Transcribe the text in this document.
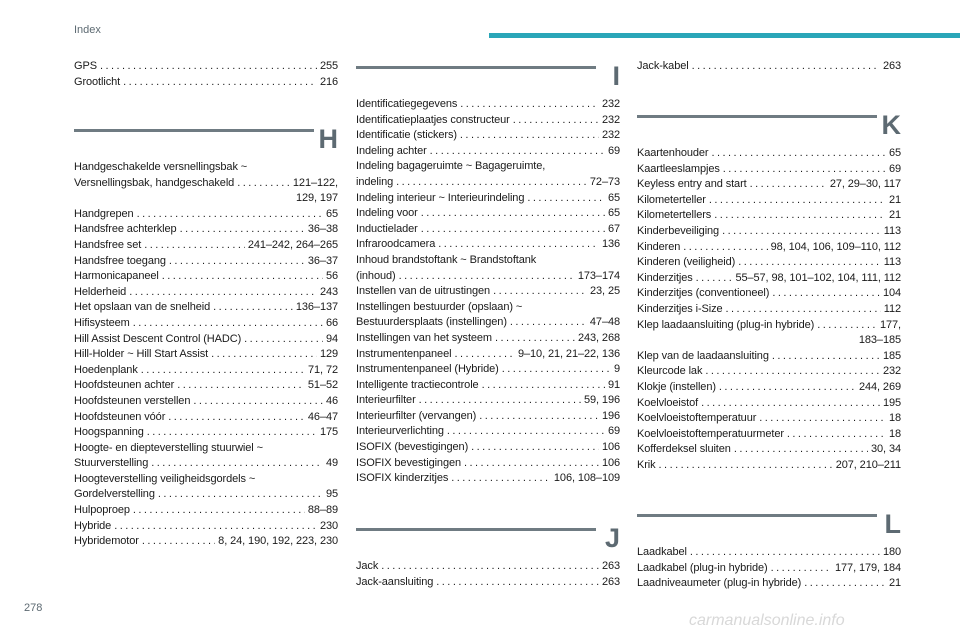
Index
GPS . . .	255
Grootlicht . . .	216
H
Handgeschakelde versnellingsbak ~
Versnellingsbak, handgeschakeld . . .	121–122,
129, 197
Handgrepen . . .	65
Handsfree achterklep . . .	36–38
Handsfree set . . .	241–242, 264–265
Handsfree toegang . . .	36–37
Harmonicapaneel . . .	56
Helderheid . . .	243
Het opslaan van de snelheid . . .	136–137
Hifisysteem . . .	66
Hill Assist Descent Control (HADC) . . .	94
Hill-Holder ~ Hill Start Assist . . .	129
Hoedenplank . . .	71, 72
Hoofdsteunen achter . . .	51–52
Hoofdsteunen verstellen . . .	46
Hoofdsteunen vóór . . .	46–47
Hoogspanning . . .	175
Hoogte- en diepteverstelling stuurwiel ~
Stuurverstelling . . .	49
Hoogteverstelling veiligheidsgordels ~
Gordelverstelling . . .	95
Hulpoproep . . .	88–89
Hybride . . .	230
Hybridemotor . . .	8, 24, 190, 192, 223, 230
I
Identificatiegegevens . . .	232
Identificatieplaatjes constructeur . . .	232
Identificatie (stickers) . . .	232
Indeling achter . . .	69
Indeling bagageruimte ~ Bagageruimte,
indeling . . .	72–73
Indeling interieur ~ Interieurindeling . . .	65
Indeling voor . . .	65
Inductielader . . .	67
Infraroodcamera . . .	136
Inhoud brandstoftank ~ Brandstoftank
(inhoud) . . .	173–174
Instellen van de uitrustingen . . .	23, 25
Instellingen bestuurder (opslaan) ~
Bestuurdersplaats (instellingen) . . .	47–48
Instellingen van het systeem . . .	243, 268
Instrumentenpaneel . . .	9–10, 21, 21–22, 136
Instrumentenpaneel (Hybride) . . .	9
Intelligente tractiecontrole . . .	91
Interieurfilter . . .	59, 196
Interieurfilter (vervangen) . . .	196
Interieurverlichting . . .	69
ISOFIX (bevestigingen) . . .	106
ISOFIX bevestigingen . . .	106
ISOFIX kinderzitjes . . .	106, 108–109
J
Jack . . .	263
Jack-aansluiting . . .	263
Jack-kabel . . .	263
K
Kaartenhouder . . .	65
Kaartleeslampjes . . .	69
Keyless entry and start . . .	27, 29–30, 117
Kilometerteller . . .	21
Kilometertellers . . .	21
Kinderbeveiliging . . .	113
Kinderen . . .	98, 104, 106, 109–110, 112
Kinderen (veiligheid) . . .	113
Kinderzitjes . . .	55–57, 98, 101–102, 104, 111, 112
Kinderzitjes (conventioneel) . . .	104
Kinderzitjes i-Size . . .	112
Klep laadaansluiting (plug-in hybride) . . .	177,
183–185
Klep van de laadaansluiting . . .	185
Kleurcode lak . . .	232
Klokje (instellen) . . .	244, 269
Koelvloeistof . . .	195
Koelvloeistoftemperatuur . . .	18
Koelvloeistoftemperatuurmeter . . .	18
Kofferdeksel sluiten . . .	30, 34
Krik . . .	207, 210–211
L
Laadkabel . . .	180
Laadkabel (plug-in hybride) . . .	177, 179, 184
Laadniveaumeter (plug-in hybride) . . .	21
278
carmanualsonline.info
